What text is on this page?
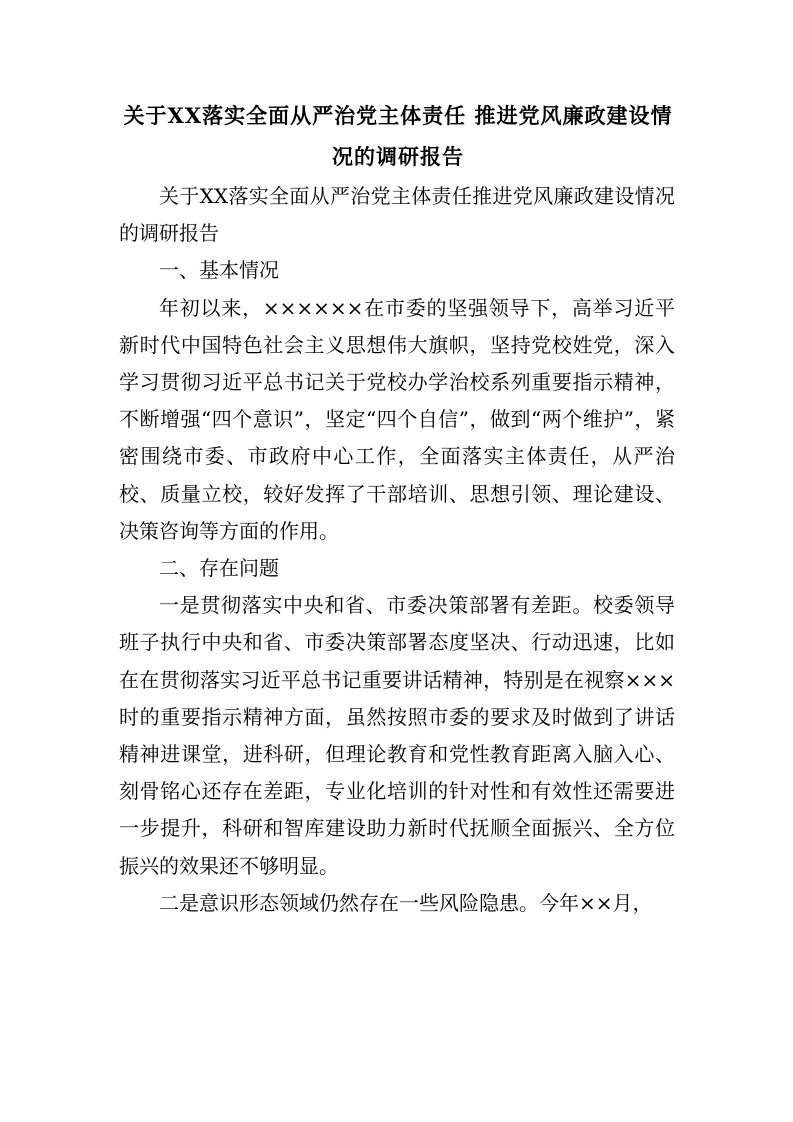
关于XX落实全面从严治党主体责任 推进党风廉政建设情况的调研报告

关于XX落实全面从严治党主体责任推进党风廉政建设情况的调研报告

一、基本情况

年初以来，××××××在市委的坚强领导下，高举习近平新时代中国特色社会主义思想伟大旗帜，坚持党校姓党，深入学习贯彻习近平总书记关于党校办学治校系列重要指示精神，不断增强“四个意识”，坚定“四个自信”，做到“两个维护”，紧密围绕市委、市政府中心工作，全面落实主体责任，从严治校、质量立校，较好发挥了干部培训、思想引领、理论建设、决策咨询等方面的作用。

二、存在问题

一是贯彻落实中央和省、市委决策部署有差距。校委领导班子执行中央和省、市委决策部署态度坚决、行动迅速，比如在在贯彻落实习近平总书记重要讲话精神，特别是在视察×××时的重要指示精神方面，虽然按照市委的要求及时做到了讲话精神进课堂，进科研，但理论教育和党性教育距离入脑入心、刻骨铭心还存在差距，专业化培训的针对性和有效性还需要进一步提升，科研和智库建设助力新时代抚顺全面振兴、全方位振兴的效果还不够明显。

二是意识形态领域仍然存在一些风险隐患。今年××月，
